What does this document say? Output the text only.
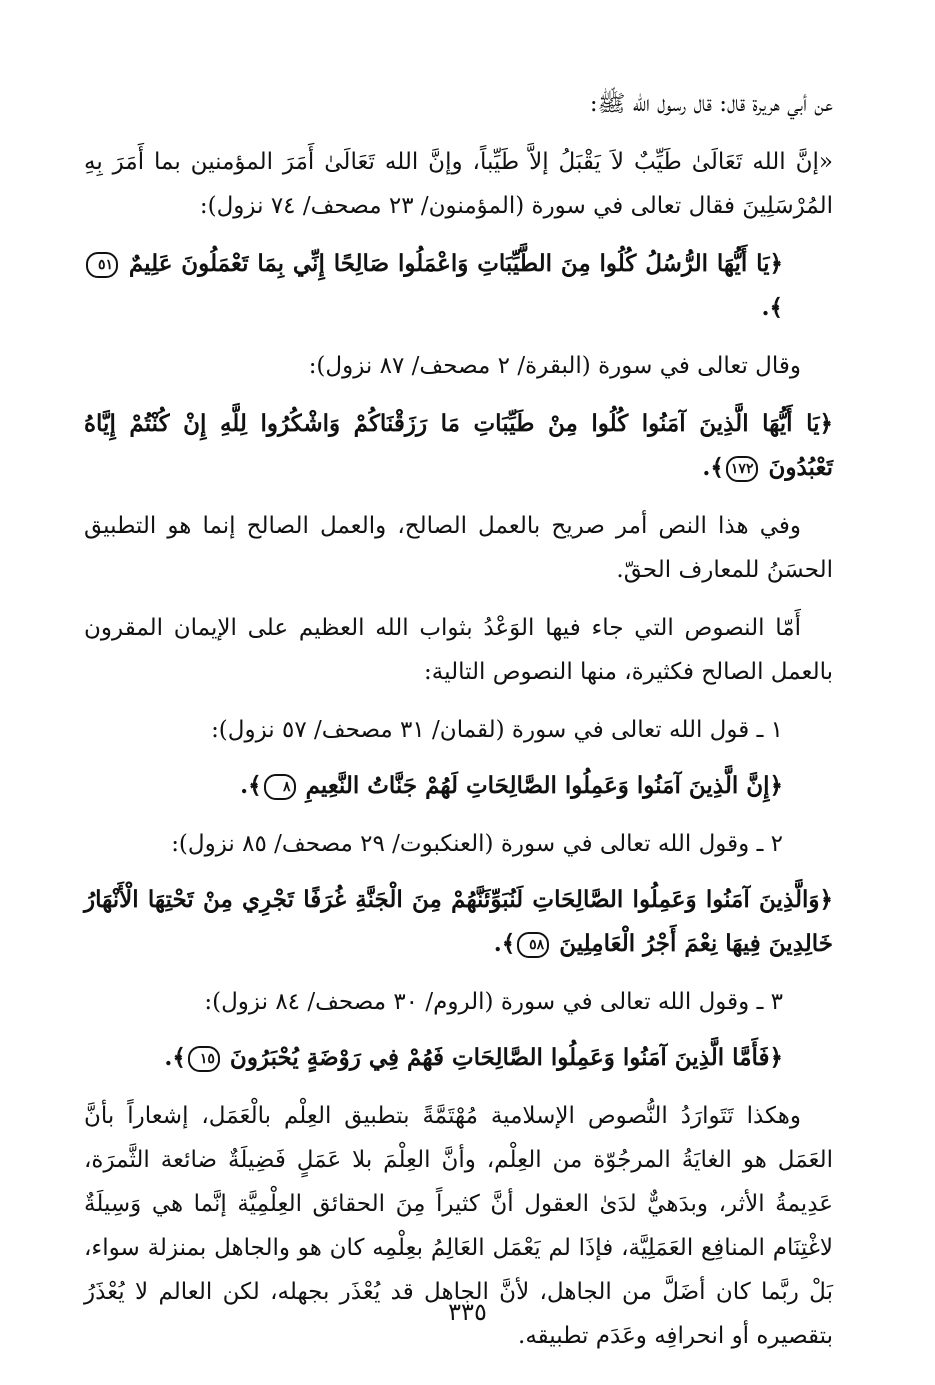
عن أبي هريرة قال: قال رسول الله ﷺ:

«إنَّ الله تَعَالَىٰ طَيِّبٌ لاَ يَقْبَلُ إلاَّ طَيِّباً، وإنَّ الله تَعَالَىٰ أَمَرَ المؤمنين بما أَمَرَ بِهِ المُرْسَلِينَ فقال تعالى في سورة (المؤمنون/ ٢٣ مصحف/ ٧٤ نزول):

﴿يَا أَيُّهَا الرُّسُلُ كُلُوا مِنَ الطَّيِّبَاتِ وَاعْمَلُوا صَالِحًا إِنِّي بِمَا تَعْمَلُونَ عَلِيمٌ ٥١﴾.

وقال تعالى في سورة (البقرة/ ٢ مصحف/ ٨٧ نزول):

﴿يَا أَيُّهَا الَّذِينَ آمَنُوا كُلُوا مِنْ طَيِّبَاتِ مَا رَزَقْنَاكُمْ وَاشْكُرُوا لِلَّهِ إِنْ كُنْتُمْ إِيَّاهُ تَعْبُدُونَ ١٧٢﴾.

وفي هذا النص أمر صريح بالعمل الصالح، والعمل الصالح إنما هو التطبيق الحسَنُ للمعارف الحقّ.

أَمّا النصوص التي جاء فيها الوَعْدُ بثواب الله العظيم على الإيمان المقرون بالعمل الصالح فكثيرة، منها النصوص التالية:

١ ـ قول الله تعالى في سورة (لقمان/ ٣١ مصحف/ ٥٧ نزول):

﴿إِنَّ الَّذِينَ آمَنُوا وَعَمِلُوا الصَّالِحَاتِ لَهُمْ جَنَّاتُ النَّعِيمِ ٨﴾.

٢ ـ وقول الله تعالى في سورة (العنكبوت/ ٢٩ مصحف/ ٨٥ نزول):

﴿وَالَّذِينَ آمَنُوا وَعَمِلُوا الصَّالِحَاتِ لَنُبَوِّئَنَّهُمْ مِنَ الْجَنَّةِ غُرَفًا تَجْرِي مِنْ تَحْتِهَا الْأَنْهَارُ خَالِدِينَ فِيهَا نِعْمَ أَجْرُ الْعَامِلِينَ ٥٨﴾.

٣ ـ وقول الله تعالى في سورة (الروم/ ٣٠ مصحف/ ٨٤ نزول):

﴿فَأَمَّا الَّذِينَ آمَنُوا وَعَمِلُوا الصَّالِحَاتِ فَهُمْ فِي رَوْضَةٍ يُحْبَرُونَ ١٥﴾.

وهكذا تَتَوارَدُ النُّصوص الإسلامية مُهْتَمَّةً بتطبيق العِلْم بالْعَمَل، إشعاراً بأنَّ العَمَل هو الغايَةُ المرجُوّة من العِلْم، وأنَّ العِلْمَ بلا عَمَلٍ فَضِيلَةٌ ضائعة الثَّمرَة، عَدِيمةُ الأثر، وبدَهيٌّ لدَىٰ العقول أنَّ كثيراً مِنَ الحقائق العِلْمِيَّة إنَّما هي وَسِيلَةٌ لاغْتِنَام المنافِع العَمَلِيَّة، فإذَا لم يَعْمَل العَالِمُ بعِلْمِه كان هو والجاهل بمنزلة سواء، بَلْ ربَّما كان أضَلَّ من الجاهل، لأنَّ الجاهل قد يُعْذَر بجهله، لكن العالم لا يُعْذَرُ بتقصيره أو انحرافِه وعَدَم تطبيقه.

٣٣٥
